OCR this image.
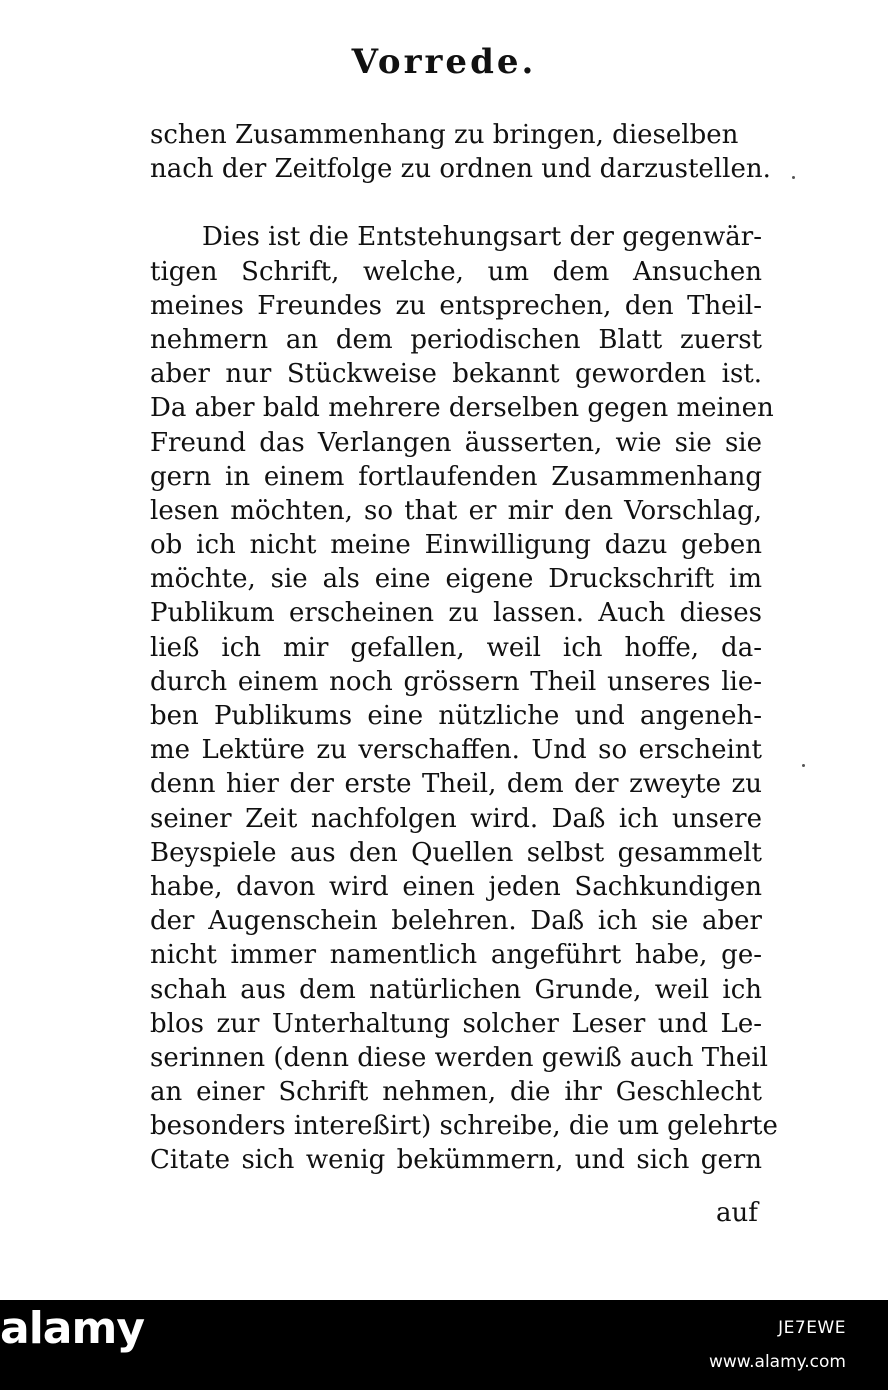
Vorrede.
schen Zusammenhang zu bringen, dieselben
nach der Zeitfolge zu ordnen und darzustellen.
Dies ist die Entstehungsart der gegenwär-
tigen Schrift, welche, um dem Ansuchen
meines Freundes zu entsprechen, den Theil-
nehmern an dem periodischen Blatt zuerst
aber nur Stückweise bekannt geworden ist.
Da aber bald mehrere derselben gegen meinen
Freund das Verlangen äusserten, wie sie sie
gern in einem fortlaufenden Zusammenhang
lesen möchten, so that er mir den Vorschlag,
ob ich nicht meine Einwilligung dazu geben
möchte, sie als eine eigene Druckschrift im
Publikum erscheinen zu lassen. Auch dieses
ließ ich mir gefallen, weil ich hoffe, da-
durch einem noch grössern Theil unseres lie-
ben Publikums eine nützliche und angeneh-
me Lektüre zu verschaffen. Und so erscheint
denn hier der erste Theil, dem der zweyte zu
seiner Zeit nachfolgen wird. Daß ich unsere
Beyspiele aus den Quellen selbst gesammelt
habe, davon wird einen jeden Sachkundigen
der Augenschein belehren. Daß ich sie aber
nicht immer namentlich angeführt habe, ge-
schah aus dem natürlichen Grunde, weil ich
blos zur Unterhaltung solcher Leser und Le-
serinnen (denn diese werden gewiß auch Theil
an einer Schrift nehmen, die ihr Geschlecht
besonders intereßirt) schreibe, die um gelehrte
Citate sich wenig bekümmern, und sich gern
auf
alamy	JE7EWE
www.alamy.com
